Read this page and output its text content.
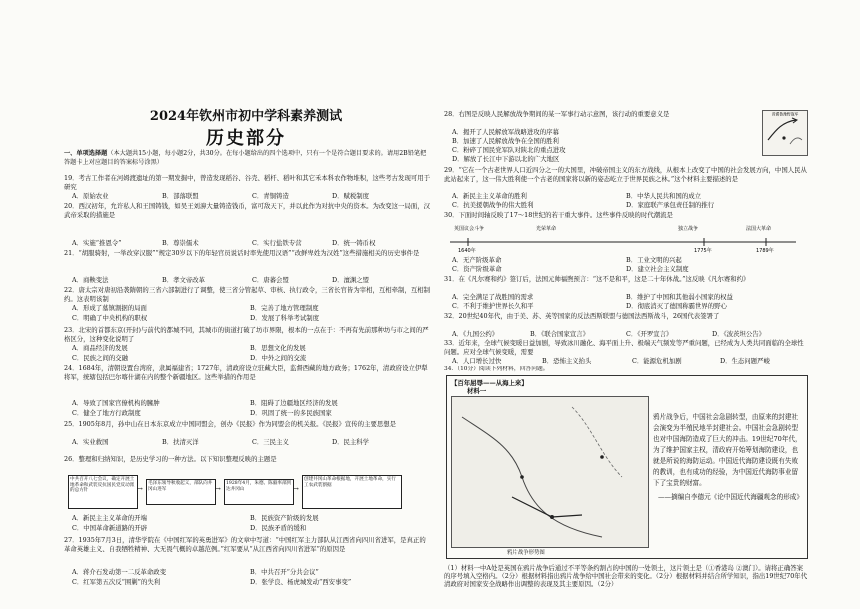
2024年钦州市初中学科素养测试
历史部分
一、单项选择题（本大题共15小题，每小题2分，共30分。在每小题给出的四个选项中，只有一个是符合题目要求的。请用2B铅笔把答题卡上对应题目的答案标号涂黑）
19．考古工作者在河姆渡遗址的第一期发掘中，曾造发现稻谷、谷壳、稻杆、稻叶和其它禾本科农作物堆积，这些考古发现可用于研究
A．原始农业	B．部落联盟	C．青铜铸造	D．赋税制度
20．西汉初年，允许私人和王国铸钱，如吴王刘濞大量铸造钱币，富可敌天下，并以此作为对抗中央的资本。为改变这一局面，汉武帝采取的措施是
A．实施“推恩令”	B．尊崇儒术	C．实行盐铁专营	D．统一铸币权
21．“胡服骑射，一举改穿汉服”“规定30岁以下的年轻官员说话时率先使用汉语”“改鲜卑姓为汉姓”这些措施相关的历史事件是
A．商鞅变法	B．孝文帝改革	C．唐蕃会盟	D．澶渊之盟
22．唐太宗对唐初沿袭隋朝的三省六部制进行了调整，使三省分管起草、审核、执行政令，三省长官皆为宰相，互相牵制，互相制约。这表明该制
A．形成了墓镇割据的局面	B．完善了地方管理制度
C．明确了中央机构的职权	D．发展了科举考试制度
23．北宋的首都东京(开封)与前代的都城不同，其城市的街道打破了坊市界限，根本的一点在于：不再有先前那种坊与市之间的严格区分，这种变化说明了
A．商品经济的发展	B．思想文化的发展
C．民族之间的交融	D．中外之间的交流
24．1684年，清朝设置台湾府，隶属福建省；1727年，清政府设立驻藏大臣，监督西藏的地方政务；1762年，清政府设立伊犁将军，统辖包括巴尔喀什湖在内的整个新疆地区。这些举措的作用是
A．导致了国家官僚机构的臃肿	B．阻碍了边疆地区经济的发展
C．健全了地方行政制度	D．巩固了统一的多民族国家
25．1905年8月，孙中山在日本东京成立中国同盟会，创办《民报》作为同盟会的机关报。《民报》宣传的主要思想是
A．实业救国	B．扶清灭洋	C．三民主义	D．民主科学
26．整理和归纳知识，是历史学习的一种方法。以下知识整理反映的主题是
中共召开八七会议，确定开展土地革命和武装反抗国民党反动派的总方针	→
毛泽东领导秋收起义，部队向井冈山进军	→
1928年4月，朱德、陈毅率部到达井冈山	→
创建井冈山革命根据地，开展土地革命，实行工农武装割据
A．新民主主义革命的开端	B．民族资产阶级的发展
C．中国革命新道路的开辟	D．民族矛盾的缓和
27．1935年7月3日，清华学院在《中国红军的英勇进军》的文章中写道：“中国红军主力部队从江西省向四川省进军，是真正的革命英雄主义、自我牺牲精神、大无畏气概的卓越范例。”红军要从“从江西省向四川省进军”的原因是
A．蒋介石发动第一二反革命政变	B．中共召开“分共会议”
C．红军第五次反“围剿”的失利	D．张学良、杨虎城发动“西安事变”
28．右图是反映人民解放战争期间的某一军事行动示意图，该行动的重要意义是
A．揭开了人民解放军战略进攻的序幕
B．加速了人民解放战争在全国的胜利
C．粉碎了国民党军队对陕北的重点进攻
D．解放了长江中下游以北的广大地区
晋冀鲁豫野战军
29．“它在一个古老世界人口近四分之一的大国里，冲破帝国主义的东方战线，从根本上改变了中国的社会发展方向，中国人民从此站起来了，这一伟大胜利使一个古老的国家将以新的姿态屹立于世界民族之林。”这个材料主要描述的是
A．新民主主义革命的胜利	B．中华人民共和国的成立
C．抗美援朝战争的伟大胜利	D．家庭联产承包责任制的推行
30．下面时间轴反映了17～18世纪的若干重大事件。这些事件反映的时代潮流是
英国议会斗争	光荣革命	独立战争	法国大革命
1640年	1775年	1789年
A．无产阶级革命	B．工业文明的兴起
C．资产阶级革命	D．建立社会主义制度
31．在《凡尔赛和约》签订后，法国元帅福煦预言：“这不是和平，这是二十年休战。”这反映《凡尔赛和约》
A．完全满足了战胜国的需求	B．维护了中国和其他弱小国家的权益
C．不利于维护世界长久和平	D．彻底消灭了德国称霸世界的野心
32．20世纪40年代，由于美、苏、英等国家的反法西斯联盟与德国法西斯战斗，26国代表签署了
A．《九国公约》	B．《联合国家宣言》	C．《开罗宣言》	D．《波茨坦公告》
33．近年来，全球气候变暖日益加剧，导致冰川融化、海平面上升、极端天气频发等严重问题，已经成为人类共同面临的全球性问题。应对全球气候变暖，需要
A．人口增长过快	B．恐怖主义抬头	C．能源危机加剧	D．生态问题严峻
34．（10分）阅读下列材料，回答问题。
【百年屈辱——从海上来】
材料一
鸦片战争形势图
鸦片战争后，中国社会急剧转型，由原来的封建社会演变为半殖民地半封建社会。中国社会急剧转型也对中国海防造成了巨大的冲击。19世纪70年代，为了维护国家主权，清政府开始筹划海防建设，也就是所说的海防运动。中国近代海防建设既有失败的教训，也有成功的经验，为中国近代海防事业留下了宝贵的财富。
——摘编自李德元《论中国近代海疆观念的形成》
（1）材料一中A处是英国在鸦片战争后通过不平等条约割占的中国的一处领土，这片领土是（①香港岛 ②澳门）。请将正确答案的序号填入空格内。（2分）根据材料指出鸦片战争给中国社会带来的变化。（2分）根据材料并结合所学知识，指出19世纪70年代清政府对国家安全战略作出调整的表现及其主要原因。（2分）
